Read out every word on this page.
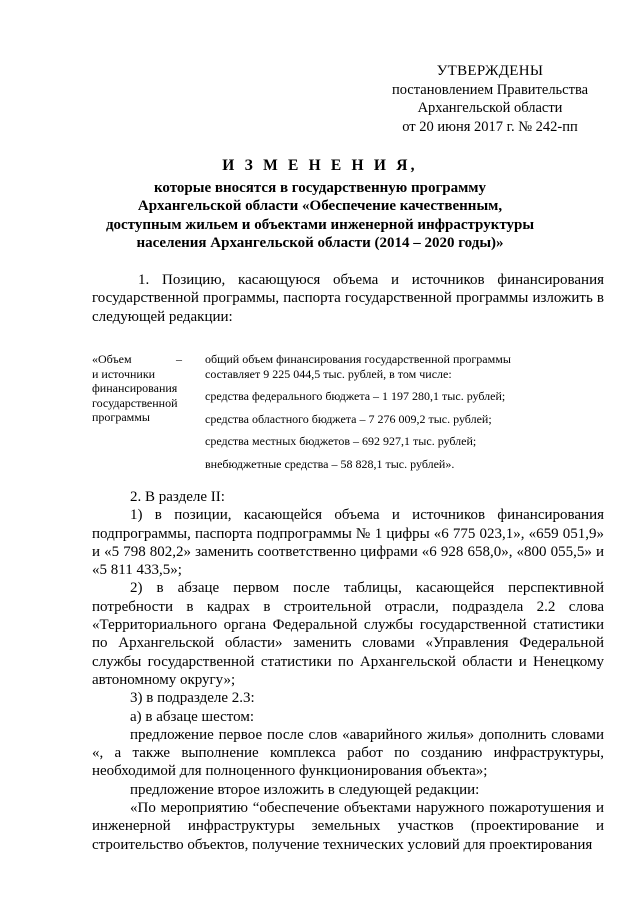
УТВЕРЖДЕНЫ
постановлением Правительства
Архангельской области
от 20 июня 2017 г. № 242-пп
И З М Е Н Е Н И Я,
которые вносятся в государственную программу
Архангельской области «Обеспечение качественным,
доступным жильем и объектами инженерной инфраструктуры
населения Архангельской области (2014 – 2020 годы)»
1. Позицию, касающуюся объема и источников финансирования государственной программы, паспорта государственной программы изложить в следующей редакции:
«Объем
и источники
финансирования
государственной
программы
– общий объем финансирования государственной программы
составляет 9 225 044,5 тыс. рублей, в том числе:
средства федерального бюджета – 1 197 280,1 тыс. рублей;
средства областного бюджета – 7 276 009,2 тыс. рублей;
средства местных бюджетов – 692 927,1 тыс. рублей;
внебюджетные средства – 58 828,1 тыс. рублей».
2. В разделе II:
1) в позиции, касающейся объема и источников финансирования подпрограммы, паспорта подпрограммы № 1 цифры «6 775 023,1», «659 051,9» и «5 798 802,2» заменить соответственно цифрами «6 928 658,0», «800 055,5» и «5 811 433,5»;
2) в абзаце первом после таблицы, касающейся перспективной потребности в кадрах в строительной отрасли, подраздела 2.2 слова «Территориального органа Федеральной службы государственной статистики по Архангельской области» заменить словами «Управления Федеральной службы государственной статистики по Архангельской области и Ненецкому автономному округу»;
3) в подразделе 2.3:
а) в абзаце шестом:
предложение первое после слов «аварийного жилья» дополнить словами «, а также выполнение комплекса работ по созданию инфраструктуры, необходимой для полноценного функционирования объекта»;
предложение второе изложить в следующей редакции:
«По мероприятию “обеспечение объектами наружного пожаротушения и инженерной инфраструктуры земельных участков (проектирование и строительство объектов, получение технических условий для проектирования
